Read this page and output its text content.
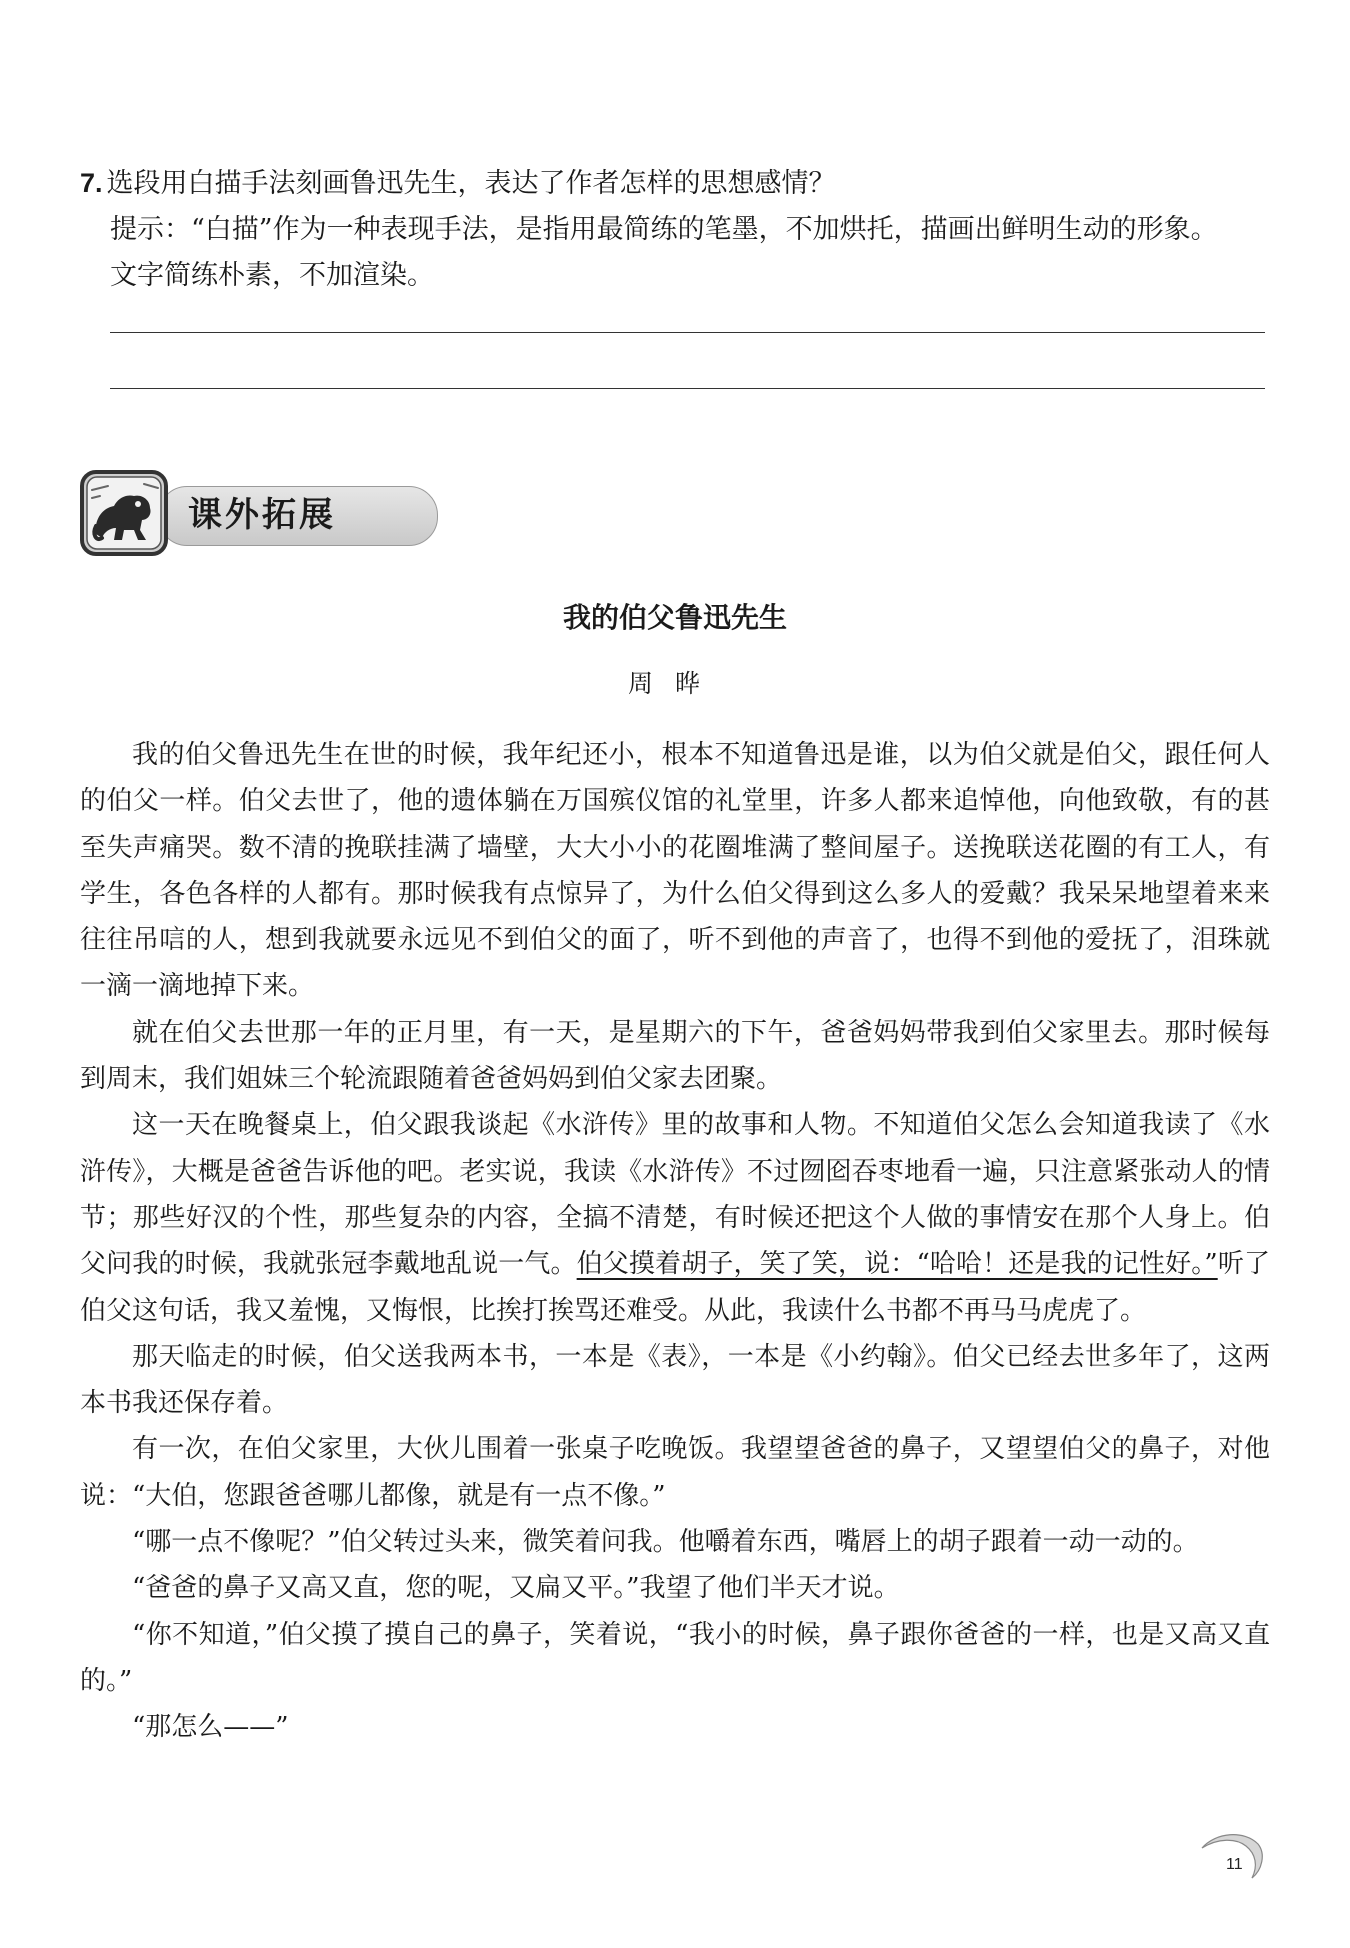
7. 选段用白描手法刻画鲁迅先生，表达了作者怎样的思想感情？
提示：“白描”作为一种表现手法，是指用最简练的笔墨，不加烘托，描画出鲜明生动的形象。
文字简练朴素，不加渲染。
课外拓展
我的伯父鲁迅先生
周晔

我的伯父鲁迅先生在世的时候，我年纪还小，根本不知道鲁迅是谁，以为伯父就是伯父，跟任何人的伯父一样。伯父去世了，他的遗体躺在万国殡仪馆的礼堂里，许多人都来追悼他，向他致敬，有的甚至失声痛哭。数不清的挽联挂满了墙壁，大大小小的花圈堆满了整间屋子。送挽联送花圈的有工人，有学生，各色各样的人都有。那时候我有点惊异了，为什么伯父得到这么多人的爱戴？我呆呆地望着来来往往吊唁的人，想到我就要永远见不到伯父的面了，听不到他的声音了，也得不到他的爱抚了，泪珠就一滴一滴地掉下来。

就在伯父去世那一年的正月里，有一天，是星期六的下午，爸爸妈妈带我到伯父家里去。那时候每到周末，我们姐妹三个轮流跟随着爸爸妈妈到伯父家去团聚。

这一天在晚餐桌上，伯父跟我谈起《水浒传》里的故事和人物。不知道伯父怎么会知道我读了《水浒传》，大概是爸爸告诉他的吧。老实说，我读《水浒传》不过囫囵吞枣地看一遍，只注意紧张动人的情节；那些好汉的个性，那些复杂的内容，全搞不清楚，有时候还把这个人做的事情安在那个人身上。伯父问我的时候，我就张冠李戴地乱说一气。伯父摸着胡子，笑了笑，说：“哈哈！还是我的记性好。”听了伯父这句话，我又羞愧，又悔恨，比挨打挨骂还难受。从此，我读什么书都不再马马虎虎了。

那天临走的时候，伯父送我两本书，一本是《表》，一本是《小约翰》。伯父已经去世多年了，这两本书我还保存着。

有一次，在伯父家里，大伙儿围着一张桌子吃晚饭。我望望爸爸的鼻子，又望望伯父的鼻子，对他说：“大伯，您跟爸爸哪儿都像，就是有一点不像。”

“哪一点不像呢？”伯父转过头来，微笑着问我。他嚼着东西，嘴唇上的胡子跟着一动一动的。

“爸爸的鼻子又高又直，您的呢，又扁又平。”我望了他们半天才说。

“你不知道，”伯父摸了摸自己的鼻子，笑着说，“我小的时候，鼻子跟你爸爸的一样，也是又高又直的。”

“那怎么——”

11
